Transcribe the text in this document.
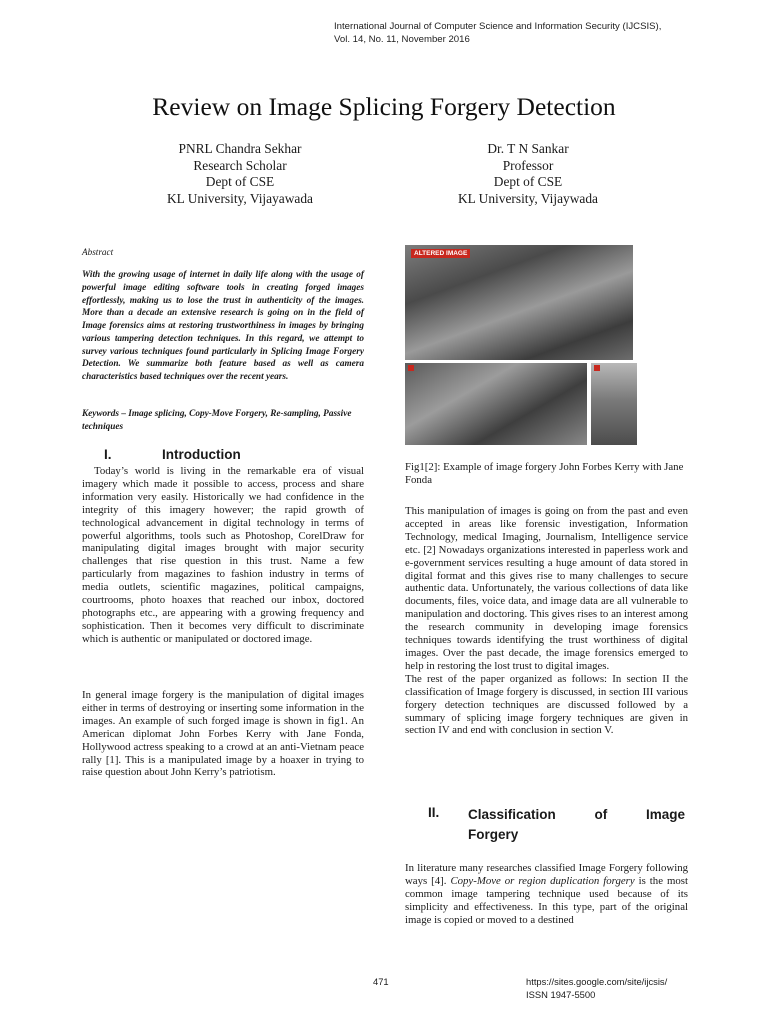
International Journal of Computer Science and Information Security (IJCSIS),
Vol. 14, No. 11, November 2016
Review on Image Splicing Forgery Detection
PNRL Chandra Sekhar
Research Scholar
Dept of CSE
KL University, Vijayawada
Dr. T N Sankar
Professor
Dept of CSE
KL University, Vijaywada
Abstract
With the growing usage of internet in daily life along with the usage of powerful image editing software tools in creating forged images effortlessly, making us to lose the trust in authenticity of the images. More than a decade an extensive research is going on in the field of Image forensics aims at restoring trustworthiness in images by bringing various tampering detection techniques. In this regard, we attempt to survey various techniques found particularly in Splicing Image Forgery Detection. We summarize both feature based as well as camera characteristics based techniques over the recent years.
Keywords – Image splicing, Copy-Move Forgery, Re-sampling, Passive techniques
I.	Introduction

Today’s world is living in the remarkable era of visual imagery which made it possible to access, process and share information very easily. Historically we had confidence in the integrity of this imagery however; the rapid growth of technological advancement in digital technology in terms of powerful algorithms, tools such as Photoshop, CorelDraw for manipulating digital images brought with major security challenges that rise question in this trust. Name a few particularly from magazines to fashion industry in terms of media outlets, scientific magazines, political campaigns, courtrooms, photo hoaxes that reached our inbox, doctored photographs etc., are appearing with a growing frequency and sophistication. Then it becomes very difficult to discriminate which is authentic or manipulated or doctored image.

In general image forgery is the manipulation of digital images either in terms of destroying or inserting some information in the images. An example of such forged image is shown in fig1. An American diplomat John Forbes Kerry with Jane Fonda, Hollywood actress speaking to a crowd at an anti-Vietnam peace rally [1]. This is a manipulated image by a hoaxer in trying to raise question about John Kerry’s patriotism.

ALTERED IMAGE
Fig1[2]: Example of image forgery John Forbes Kerry with Jane Fonda

This manipulation of images is going on from the past and even accepted in areas like forensic investigation, Information Technology, medical Imaging, Journalism, Intelligence service etc. [2] Nowadays organizations interested in paperless work and e-government services resulting a huge amount of data stored in digital format and this gives rise to many challenges to secure authentic data. Unfortunately, the various collections of data like documents, files, voice data, and image data are all vulnerable to manipulation and doctoring. This gives rises to an interest among the research community in developing image forensics techniques towards identifying the trust worthiness of digital images. Over the past decade, the image forensics emerged to help in restoring the lost trust to digital images.

The rest of the paper organized as follows: In section II the classification of Image forgery is discussed, in section III various forgery detection techniques are discussed followed by a summary of splicing image forgery techniques are given in section IV and end with conclusion in section V.

II. Classification of Image
Forgery

In literature many researches classified Image Forgery following ways [4]. Copy-Move or region duplication forgery is the most common image tampering technique used because of its simplicity and effectiveness. In this type, part of the original image is copied or moved to a destined

471	https://sites.google.com/site/ijcsis/
ISSN 1947-5500
